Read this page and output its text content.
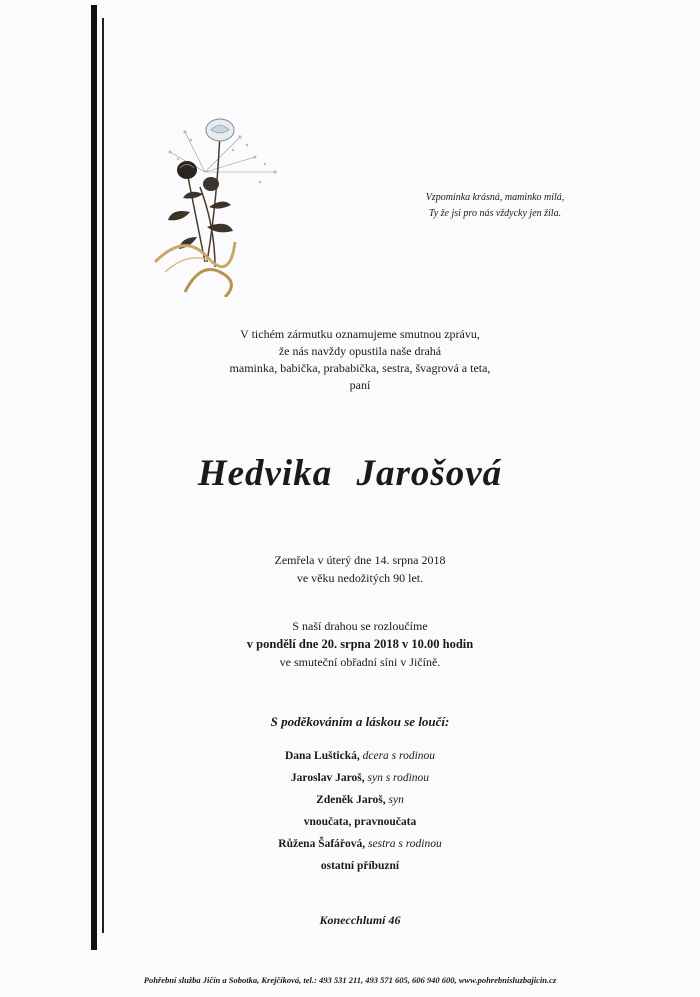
Vzpomínka krásná, maminko milá,
Ty že jsi pro nás vždycky jen žila.
V tichém zármutku oznamujeme smutnou zprávu,
že nás navždy opustila naše drahá
maminka, babička, prababička, sestra, švagrová a teta,
paní
Hedvika Jarošová
Zemřela v úterý dne 14. srpna 2018
ve věku nedožitých 90 let.
S naší drahou se rozloučíme
v pondělí dne 20. srpna 2018 v 10.00 hodin
ve smuteční obřadní síni v Jičíně.
S poděkováním a láskou se loučí:
Dana Luštická, dcera s rodinou
Jaroslav Jaroš, syn s rodinou
Zdeněk Jaroš, syn
vnoučata, pravnoučata
Růžena Šafářová, sestra s rodinou
ostatní příbuzní
Konecchlumí 46
Pohřební služba Jičín a Sobotka, Krejčíková, tel.: 493 531 211, 493 571 605, 606 940 600, www.pohrebnisluzbajicin.cz
